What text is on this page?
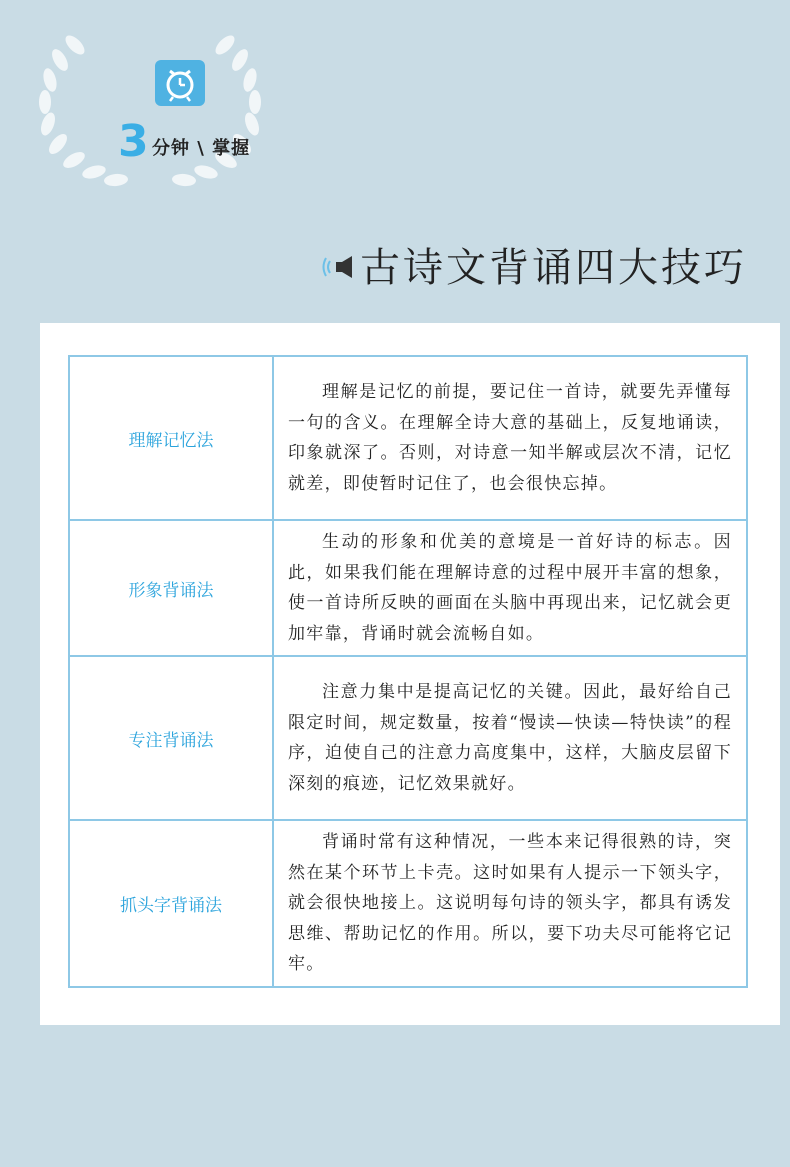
3 分钟 \ 掌握
古诗文背诵四大技巧
理解记忆法	理解是记忆的前提，要记住一首诗，就要先弄懂每一句的含义。在理解全诗大意的基础上，反复地诵读，印象就深了。否则，对诗意一知半解或层次不清，记忆就差，即使暂时记住了，也会很快忘掉。
形象背诵法	生动的形象和优美的意境是一首好诗的标志。因此，如果我们能在理解诗意的过程中展开丰富的想象，使一首诗所反映的画面在头脑中再现出来，记忆就会更加牢靠，背诵时就会流畅自如。
专注背诵法	注意力集中是提高记忆的关键。因此，最好给自己限定时间，规定数量，按着“慢读—快读—特快读”的程序，迫使自己的注意力高度集中，这样，大脑皮层留下深刻的痕迹，记忆效果就好。
抓头字背诵法	背诵时常有这种情况，一些本来记得很熟的诗，突然在某个环节上卡壳。这时如果有人提示一下领头字，就会很快地接上。这说明每句诗的领头字，都具有诱发思维、帮助记忆的作用。所以，要下功夫尽可能将它记牢。
